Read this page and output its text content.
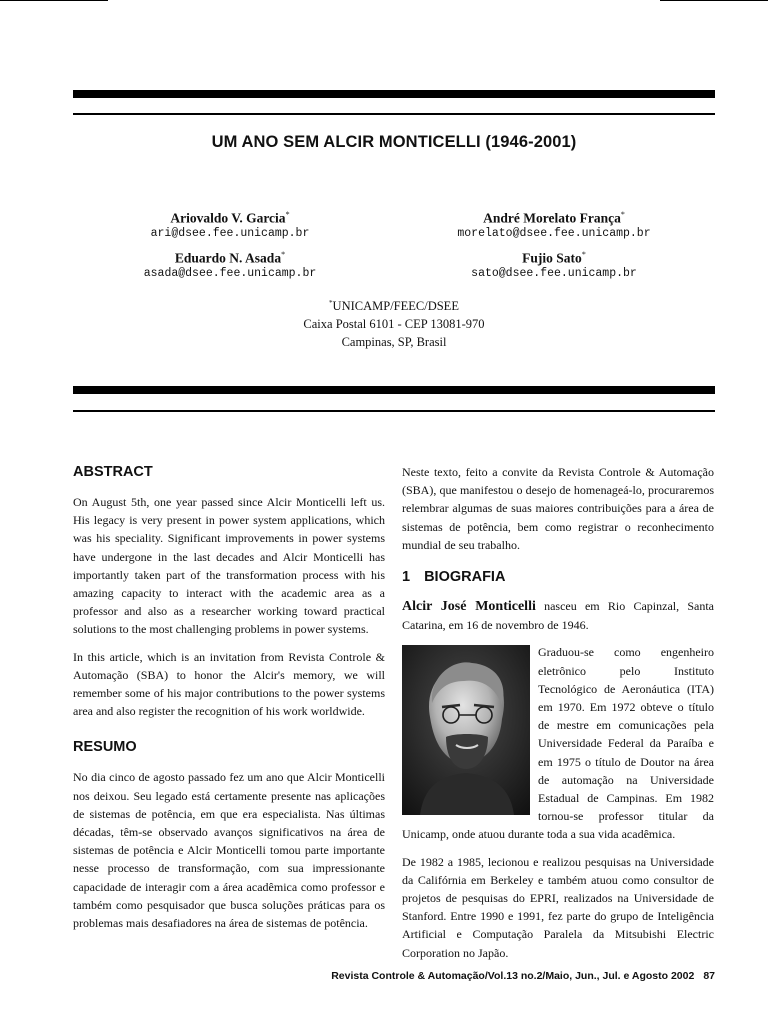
UM ANO SEM ALCIR MONTICELLI (1946-2001)
Ariovaldo V. Garcia*
ari@dsee.fee.unicamp.br
André Morelato França*
morelato@dsee.fee.unicamp.br
Eduardo N. Asada*
asada@dsee.fee.unicamp.br
Fujio Sato*
sato@dsee.fee.unicamp.br
*UNICAMP/FEEC/DSEE
Caixa Postal 6101 - CEP 13081-970
Campinas, SP, Brasil
ABSTRACT

On August 5th, one year passed since Alcir Monticelli left us. His legacy is very present in power system applications, which was his speciality. Significant improvements in power systems have undergone in the last decades and Alcir Monticelli has importantly taken part of the transformation process with his amazing capacity to interact with the academic area as a professor and also as a researcher working toward practical solutions to the most challenging problems in power systems.

In this article, which is an invitation from Revista Controle & Automação (SBA) to honor the Alcir's memory, we will remember some of his major contributions to the power systems area and also register the recognition of his work worldwide.

RESUMO

No dia cinco de agosto passado fez um ano que Alcir Monticelli nos deixou. Seu legado está certamente presente nas aplicações de sistemas de potência, em que era especialista. Nas últimas décadas, têm-se observado avanços significativos na área de sistemas de potência e Alcir Monticelli tomou parte importante nesse processo de transformação, com sua impressionante capacidade de interagir com a área acadêmica como professor e também como pesquisador que busca soluções práticas para os problemas mais desafiadores na área de sistemas de potência.

Neste texto, feito a convite da Revista Controle & Automação (SBA), que manifestou o desejo de homenageá-lo, procuraremos relembrar algumas de suas maiores contribuições para a área de sistemas de potência, bem como registrar o reconhecimento mundial de seu trabalho.

1 BIOGRAFIA

Alcir José Monticelli nasceu em Rio Capinzal, Santa Catarina, em 16 de novembro de 1946.

Graduou-se como engenheiro eletrônico pelo Instituto Tecnológico de Aeronáutica (ITA) em 1970. Em 1972 obteve o título de mestre em comunicações pela Universidade Federal da Paraíba e em 1975 o título de Doutor na área de automação na Universidade Estadual de Campinas. Em 1982 tornou-se professor titular da Unicamp, onde atuou durante toda a sua vida acadêmica.

De 1982 a 1985, lecionou e realizou pesquisas na Universidade da Califórnia em Berkeley e também atuou como consultor de projetos de pesquisas do EPRI, realizados na Universidade de Stanford. Entre 1990 e 1991, fez parte do grupo de Inteligência Artificial e Computação Paralela da Mitsubishi Electric Corporation no Japão.

Revista Controle & Automação/Vol.13 no.2/Maio, Jun., Jul. e Agosto 2002 87
